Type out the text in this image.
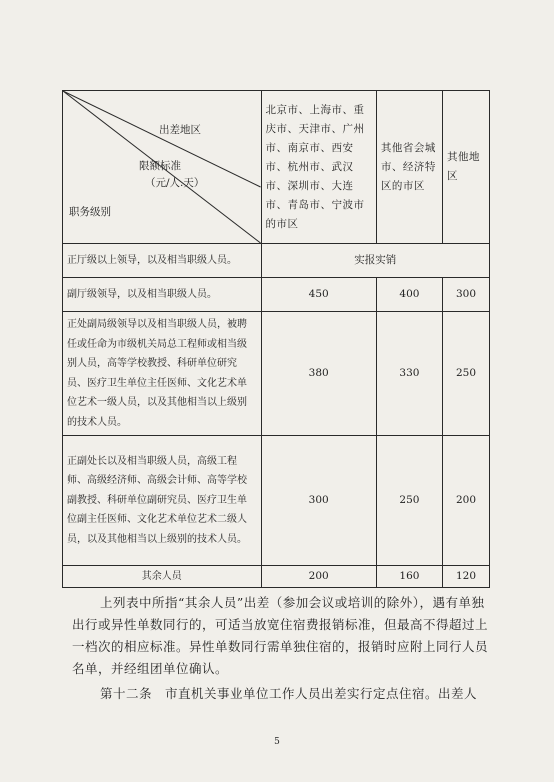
出差地区
限额标准
（元/人.天）
职务级别	北京市、上海市、重庆市、天津市、广州市、南京市、西安市、杭州市、武汉市、深圳市、大连市、青岛市、宁波市的市区	其他省会城市、经济特区的市区	其他地区
正厅级以上领导，以及相当职级人员。	实报实销		
副厅级领导，以及相当职级人员。	450	400	300
正处副局级领导以及相当职级人员，被聘任或任命为市级机关局总工程师或相当级别人员，高等学校教授、科研单位研究员、医疗卫生单位主任医师、文化艺术单位艺术一级人员，以及其他相当以上级别的技术人员。	380	330	250
正副处长以及相当职级人员，高级工程师、高级经济师、高级会计师、高等学校副教授、科研单位副研究员、医疗卫生单位副主任医师、文化艺术单位艺术二级人员，以及其他相当以上级别的技术人员。	300	250	200
其余人员	200	160	120

上列表中所指“其余人员”出差（参加会议或培训的除外），遇有单独出行或异性单数同行的，可适当放宽住宿费报销标准，但最高不得超过上一档次的相应标准。异性单数同行需单独住宿的，报销时应附上同行人员名单，并经组团单位确认。

第十二条　市直机关事业单位工作人员出差实行定点住宿。出差人

5
